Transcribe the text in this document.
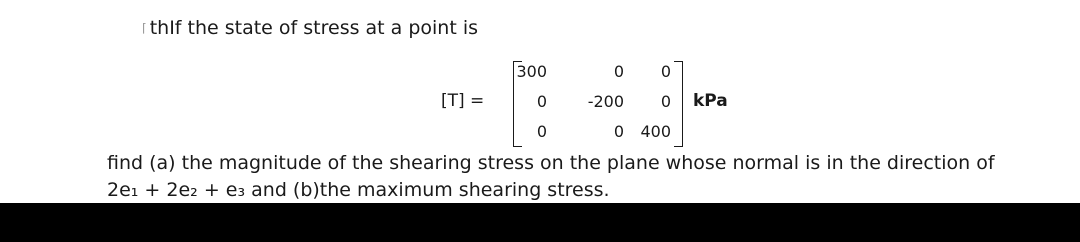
⌈ thIf the state of stress at a point is
[T] =
300	0	0
0	-200	0
0	0	400
kPa
find (a) the magnitude of the shearing stress on the plane whose normal is in the direction of
2e₁ + 2e₂ + e₃ and (b)the maximum shearing stress.
